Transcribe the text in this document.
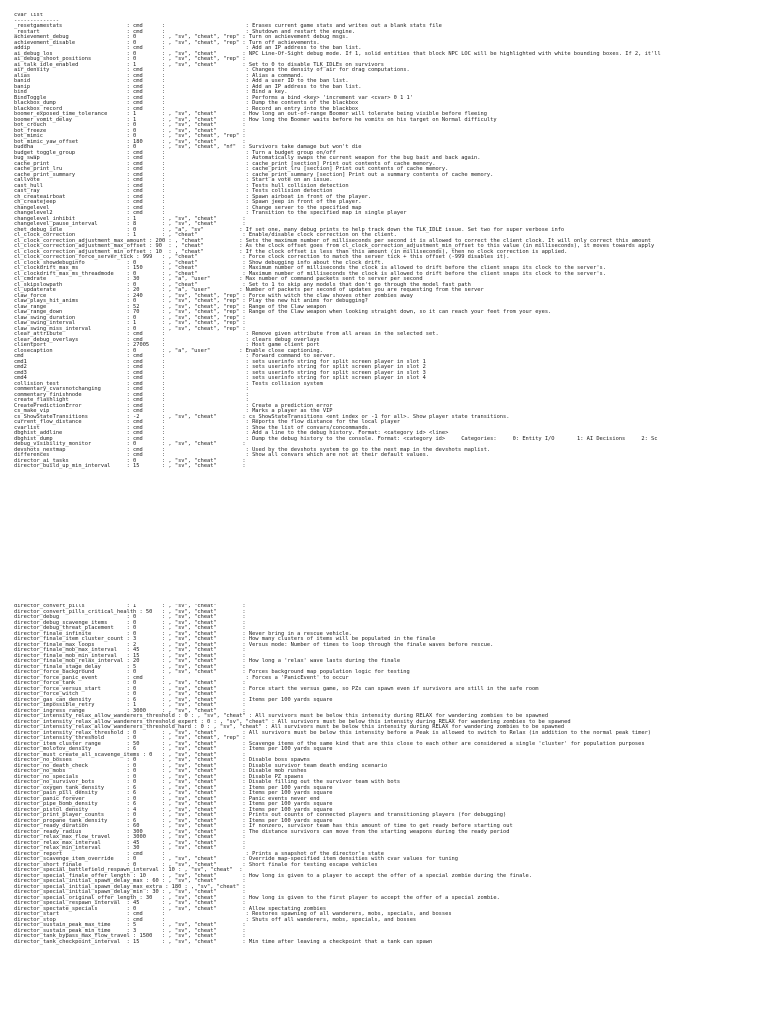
cvar list
--------------
_resetgamestats                    : cmd      :                         : Erases current game stats and writes out a blank stats file
_restart                           : cmd      :                         : Shutdown and restart the engine.
achievement_debug                  : 0        : , "sv", "cheat", "rep" : Turn on achievement debug msgs.
achievement_disable                : 0        : , "sv", "cheat", "rep" : Turn off achievements.
addip                              : cmd      :                         : Add an IP address to the ban list.
ai_debug_los                       : 0        : , "sv", "cheat"        : NPC Line-Of-Sight debug mode. If 1, solid entities that block NPC LOC will be highlighted with white bounding boxes. If 2, it'll
ai_debug_shoot_positions           : 0        : , "sv", "cheat", "rep" :
ai_talk_idle_enabled               : 1        : , "sv", "cheat"        : Set to 0 to disable TLK_IDLEs on survivors
air_density                        : cmd      :                         : Changes the density of air for drag computations.
alias                              : cmd      :                         : Alias a command.
banid                              : cmd      :                         : Add a user ID to the ban list.
banip                              : cmd      :                         : Add an IP address to the ban list.
bind                               : cmd      :                         : Bind a key.
BindToggle                         : cmd      :                         : Performs a bind <key> 'increment var <cvar> 0 1 1'
blackbox_dump                      : cmd      :                         : Dump the contents of the blackbox
blackbox_record                    : cmd      :                         : Record an entry into the blackbox
boomer_exposed_time_tolerance      : 1        : , "sv", "cheat"        : How long an out-of-range Boomer will tolerate being visible before fleeing
boomer_vomit_delay                 : 1        : , "sv", "cheat"        : How long the Boomer waits before he vomits on his target on Normal difficulty
bot_crouch                         : 0        : , "sv", "cheat"        :
bot_freeze                         : 0        : , "sv", "cheat"        :
bot_mimic                          : 0        : , "sv", "cheat", "rep" :
bot_mimic_yaw_offset               : 180      : , "sv", "cheat"        :
buddha                             : 0        : , "sv", "cheat", "nf"  : Survivors take damage but won't die
budget_toggle_group                : cmd      :                         : Turn a budget group on/off
bug_swap                           : cmd      :                         : Automatically swaps the current weapon for the bug bait and back again.
cache_print                        : cmd      :                         : cache_print [section] Print out contents of cache memory.
cache_print_lru                    : cmd      :                         : cache_print_lru [section] Print out contents of cache memory.
cache_print_summary                : cmd      :                         : cache_print_summary [section] Print out a summary contents of cache memory.
callvote                           : cmd      :                         : Start a vote on an issue.
cast_hull                          : cmd      :                         : Tests hull collision detection
cast_ray                           : cmd      :                         : Tests collision detection
ch_createairboat                   : cmd      :                         : Spawn airboat in front of the player.
ch_createjeep                      : cmd      :                         : Spawn jeep in front of the player.
changelevel                        : cmd      :                         : Change server to the specified map
changelevel2                       : cmd      :                         : Transition to the specified map in single player
changelevel_inhibit                : 1        : , "sv", "cheat"        :
changelevel_pause_interval         : 8        : , "sv", "cheat"        :
chet_debug_idle                    : 0        : , "a", "sv"           : If set one, many debug prints to help track down the TLK_IDLE issue. Set two for super verbose info
cl_clock_correction                : 1        : , "cheat"              : Enable/disable clock correction on the client.
cl_clock_correction_adjustment_max_amount : 200 : , "cheat"           : Sets the maximum number of milliseconds per second it is allowed to correct the client clock. It will only correct this amount
cl_clock_correction_adjustment_max_offset : 90  : , "cheat"           : As the clock offset goes from cl_clock_correction_adjustment_min_offset to this value (in milliseconds), it moves towards apply
cl_clock_correction_adjustment_min_offset : 10  : , "cheat"           : If the clock offset is less than this amount (in milliseconds), then no clock correction is applied.
cl_clock_correction_force_server_tick : 999   : , "cheat"              : Force clock correction to match the server tick + this offset (-999 disables it).
cl_clock_showdebuginfo             : 0        : , "cheat"              : Show debugging info about the clock drift.
cl_clockdrift_max_ms               : 150      : , "cheat"              : Maximum number of milliseconds the clock is allowed to drift before the client snaps its clock to the server's.
cl_clockdrift_max_ms_threadmode    : 0        : , "cheat"              : Maximum number of milliseconds the clock is allowed to drift before the client snaps its clock to the server's.
cl_cmdrate                         : 30       : , "a", "user"         : Max number of command packets sent to server per second
cl_skipslowpath                    : 0        : , "cheat"              : Set to 1 to skip any models that don't go through the model fast path
cl_updaterate                      : 20       : , "a", "user"         : Number of packets per second of updates you are requesting from the server
claw_force                         : 240      : , "sv", "cheat", "rep" : Force with witch the claw shoves other zombies away
claw_plays_hit_anims               : 0        : , "sv", "cheat", "rep" : Play the new hit anims for debugging?
claw_range                         : 52       : , "sv", "cheat", "rep" : Range of the Claw weapon
claw_range_down                    : 70       : , "sv", "cheat", "rep" : Range of the Claw weapon when looking straight down, so it can reach your feet from your eyes.
claw_swing_duration                : 0        : , "sv", "cheat", "rep" :
claw_swing_interval                : 1        : , "sv", "cheat", "rep" :
claw_swing_miss_interval           : 0        : , "sv", "cheat", "rep" :
clear_attribute                    : cmd      :                         : Remove given attribute from all areas in the selected set.
clear_debug_overlays               : cmd      :                         : clears debug overlays
clientport                         : 27005    :                         : Host game client port
closecaption                       : 0        : , "a", "user"         : Enable close captioning.
cmd                                : cmd      :                         : Forward command to server.
cmd1                               : cmd      :                         : sets userinfo string for split screen player in slot 1
cmd2                               : cmd      :                         : sets userinfo string for split screen player in slot 2
cmd3                               : cmd      :                         : sets userinfo string for split screen player in slot 3
cmd4                               : cmd      :                         : sets userinfo string for split screen player in slot 4
collision_test                     : cmd      :                         : Tests collision system
commentary_cvarsnotchanging        : cmd      :                         :
commentary_finishnode              : cmd      :                         :
create_flashlight                  : cmd      :                         :
CreatePredictionError              : cmd      :                         : Create a prediction error
cs_make_vip                        : cmd      :                         : Marks a player as the VIP
cs_ShowStateTransitions            : -2       : , "sv", "cheat"        : cs_ShowStateTransitions <ent index or -1 for all>. Show player state transitions.
current_flow_distance              : cmd      :                         : Reports the flow distance for the local player
cvarlist                           : cmd      :                         : Show the list of convars/concommands.
dbghist_addline                    : cmd      :                         : Add a line to the debug history. Format: <category id> <line>
dbghist_dump                       : cmd      :                         : Dump the debug history to the console. Format: <category id>     Categories:     0: Entity I/O       1: AI Decisions     2: Sc
debug_visibility_monitor           : 0        : , "sv", "cheat"        :
devshots_nextmap                   : cmd      :                         : Used by the devshots system to go to the next map in the devshots maplist.
differences                        : cmd      :                         : Show all convars which are not at their default values.
director_ai_tasks                  : 0        : , "sv", "cheat"        :
director_build_up_min_interval     : 15       : , "sv", "cheat"        :
director_convert_pills             : 1        : , "sv", "cheat"        :
director_convert_pills_critical_health : 50   : , "sv", "cheat"        :
director_debug                     : 0        : , "sv", "cheat"        :
director_debug_scavenge_items      : 0        : , "sv", "cheat"        :
director_debug_threat_placement    : 0        : , "sv", "cheat"        :
director_finale_infinite           : 0        : , "sv", "cheat"        : Never bring in a rescue vehicle.
director_finale_item_cluster_count : 3        : , "sv", "cheat"        : How many clusters of items will be populated in the finale
director_finale_max_loops          : 2        : , "sv", "cheat"        : Versus mode: Number of times to loop through the finale waves before rescue.
director_finale_mob_max_interval   : 45       : , "sv", "cheat"        :
director_finale_mob_min_interval   : 15       : , "sv", "cheat"        :
director_finale_mob_relax_interval : 20       : , "sv", "cheat"        : How long a 'relax' wave lasts during the finale
director_finale_stage_delay        : 5        : , "sv", "cheat"        :
director_force_background          : 0        : , "sv", "cheat"        : Forces background map population logic for testing
director_force_panic_event         : cmd      :                         : Forces a 'PanicEvent' to occur
director_force_tank                : 0        : , "sv", "cheat"        :
director_force_versus_start        : 0        : , "sv", "cheat"        : Force start the versus game, so PZs can spawn even if survivors are still in the safe room
director_force_witch               : 0        : , "sv", "cheat"        :
director_gas_can_density           : 6        : , "sv", "cheat"        : Items per 100 yards square
director_impossible_retry          : 1        : , "sv", "cheat"        :
director_ingress_range             : 3000     : , "sv", "cheat"        :
director_intensity_relax_allow_wanderers_threshold : 0 : , "sv", "cheat" : All survivors must be below this intensity during RELAX for wandering zombies to be spawned
director_intensity_relax_allow_wanderers_threshold_expert : 0 : , "sv", "cheat" : All survivors must be below this intensity during RELAX for wandering zombies to be spawned
director_intensity_relax_allow_wanderers_threshold_hard : 0 : , "sv", "cheat" : All survivors must be below this intensity during RELAX for wandering zombies to be spawned
director_intensity_relax_threshold : 0        : , "sv", "cheat"        : All survivors must be below this intensity before a Peak is allowed to switch to Relax (in addition to the normal peak timer)
director_intensity_threshold       : 0        : , "sv", "cheat", "rep" :
director_item_cluster_range        : 50       : , "sv", "cheat"        : Scavenge items of the same kind that are this close to each other are considered a single 'cluster' for population purposes
director_molotov_density           : 6        : , "sv", "cheat"        : Items per 100 yards square
director_must_create_all_scavenge_items : 0   : , "sv", "cheat"        :
director_no_bosses                 : 0        : , "sv", "cheat"        : Disable boss spawns
director_no_death_check            : 0        : , "sv", "cheat"        : Disable survivor team death ending scenario
director_no_mobs                   : 0        : , "sv", "cheat"        : Disable mob rushes
director_no_specials               : 0        : , "sv", "cheat"        : Disable PZ spawns
director_no_survivor_bots          : 0        : , "sv", "cheat"        : Disable filling out the survivor team with bots
director_oxygen_tank_density       : 6        : , "sv", "cheat"        : Items per 100 yards square
director_pain_pill_density         : 6        : , "sv", "cheat"        : Items per 100 yards square
director_panic_forever             : 0        : , "sv", "cheat"        : Panic events never end
director_pipe_bomb_density         : 6        : , "sv", "cheat"        : Items per 100 yards square
director_pistol_density            : 4        : , "sv", "cheat"        : Items per 100 yards square
director_print_player_counts       : 0        : , "sv", "cheat"        : Prints out counts of connected players and transitioning players (for debugging)
director_propane_tank_density      : 6        : , "sv", "cheat"        : Items per 100 yards square
director_ready_duration            : 60       : , "sv", "cheat"        : If nonzero, survivor team has this amount of time to get ready before starting out
director_ready_radius              : 300      : , "sv", "cheat"        : The distance survivors can move from the starting weapons during the ready period
director_relax_max_flow_travel     : 3000     : , "sv", "cheat"        :
director_relax_max_interval        : 45       : , "sv", "cheat"        :
director_relax_min_interval        : 30       : , "sv", "cheat"        :
director_report                    : cmd      :                         : Prints a snapshot of the director's state
director_scavenge_item_override    : 0        : , "sv", "cheat"        : Override map-specified item densities with cvar values for tuning
director_short_finale              : 0        : , "sv", "cheat"        : Short finale for testing escape vehicles
director_special_battlefield_respawn_interval : 10 : , "sv", "cheat"  :
director_special_finale_offer_length : 10     : , "sv", "cheat"        : How long is given to a player to accept the offer of a special zombie during the finale.
director_special_initial_spawn_delay_max : 60 : , "sv", "cheat"        :
director_special_initial_spawn_delay_max_extra : 180 : , "sv", "cheat" :
director_special_initial_spawn_delay_min : 30 : , "sv", "cheat"        :
director_special_original_offer_length : 30   : , "sv", "cheat"        : How long is given to the first player to accept the offer of a special zombie.
director_special_respawn_interval  : 45       : , "sv", "cheat"        :
director_spectate_specials         : 0        : , "sv", "cheat"        : Allow spectating zombies
director_start                     : cmd      :                         : Restores spawning of all wanderers, mobs, specials, and bosses
director_stop                      : cmd      :                         : Shuts off all wanderers, mobs, specials, and bosses
director_sustain_peak_max_time     : 5        : , "sv", "cheat"        :
director_sustain_peak_min_time     : 3        : , "sv", "cheat"        :
director_tank_bypass_max_flow_travel : 1500   : , "sv", "cheat"        :
director_tank_checkpoint_interval  : 15       : , "sv", "cheat"        : Min time after leaving a checkpoint that a tank can spawn
